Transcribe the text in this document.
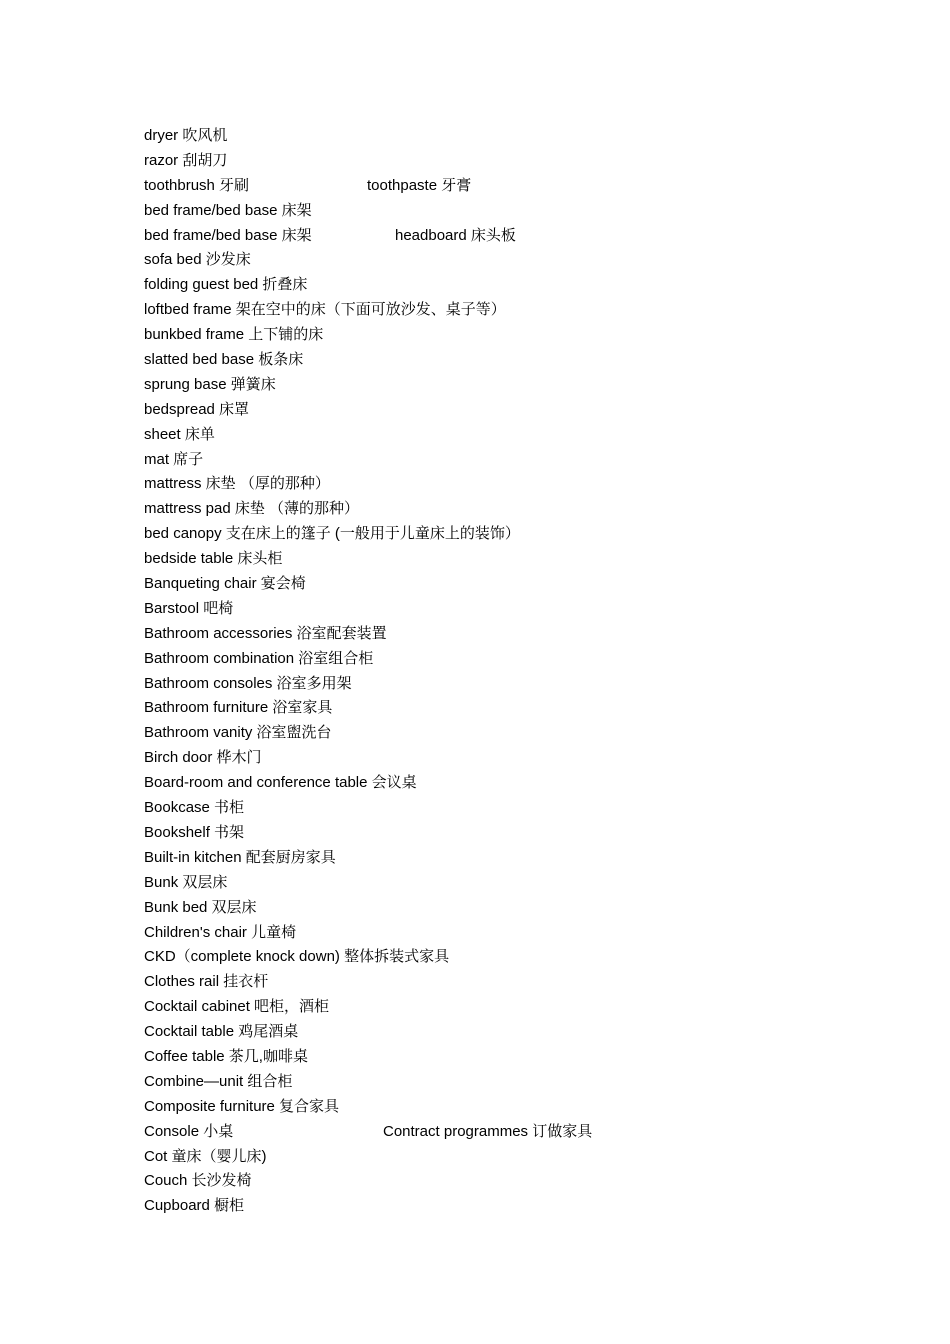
dryer 吹风机
razor 刮胡刀
toothbrush 牙刷	toothpaste 牙膏
bed frame/bed base 床架
bed frame/bed base 床架	headboard 床头板
sofa bed 沙发床
folding guest bed 折叠床
loftbed frame 架在空中的床（下面可放沙发、桌子等）
bunkbed frame 上下铺的床
slatted bed base 板条床
sprung base 弹簧床
bedspread 床罩
sheet 床单
mat 席子
mattress 床垫 （厚的那种）
mattress pad 床垫 （薄的那种）
bed canopy 支在床上的篷子 (一般用于儿童床上的装饰）
bedside table 床头柜
Banqueting chair 宴会椅
Barstool 吧椅
Bathroom accessories 浴室配套装置
Bathroom combination 浴室组合柜
Bathroom consoles 浴室多用架
Bathroom furniture 浴室家具
Bathroom vanity 浴室盥洗台
Birch door 桦木门
Board-room and conference table 会议桌
Bookcase 书柜
Bookshelf 书架
Built-in kitchen 配套厨房家具
Bunk 双层床
Bunk bed 双层床
Children's chair 儿童椅
CKD（complete knock down) 整体拆装式家具
Clothes rail 挂衣杆
Cocktail cabinet 吧柜，酒柜
Cocktail table 鸡尾酒桌
Coffee table 茶几,咖啡桌
Combine—unit 组合柜
Composite furniture 复合家具
Console 小桌	Contract programmes 订做家具
Cot 童床（婴儿床)
Couch 长沙发椅
Cupboard 橱柜
